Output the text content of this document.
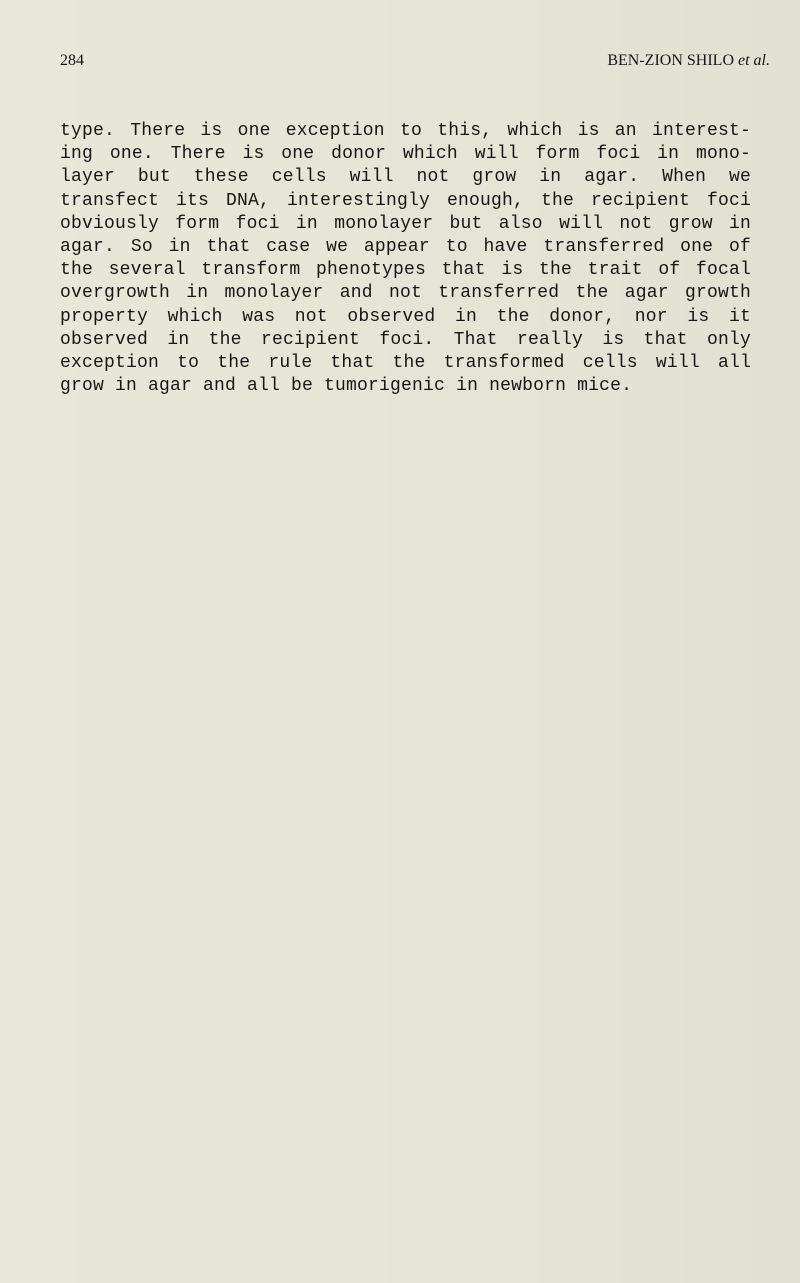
284	BEN-ZION SHILO et al.
type. There is one exception to this, which is an interest-
ing one. There is one donor which will form foci in mono-
layer but these cells will not grow in agar. When we
transfect its DNA, interestingly enough, the recipient foci
obviously form foci in monolayer but also will not grow in
agar. So in that case we appear to have transferred one of
the several transform phenotypes that is the trait of focal
overgrowth in monolayer and not transferred the agar growth
property which was not observed in the donor, nor is it
observed in the recipient foci. That really is that only
exception to the rule that the transformed cells will all
grow in agar and all be tumorigenic in newborn mice.
